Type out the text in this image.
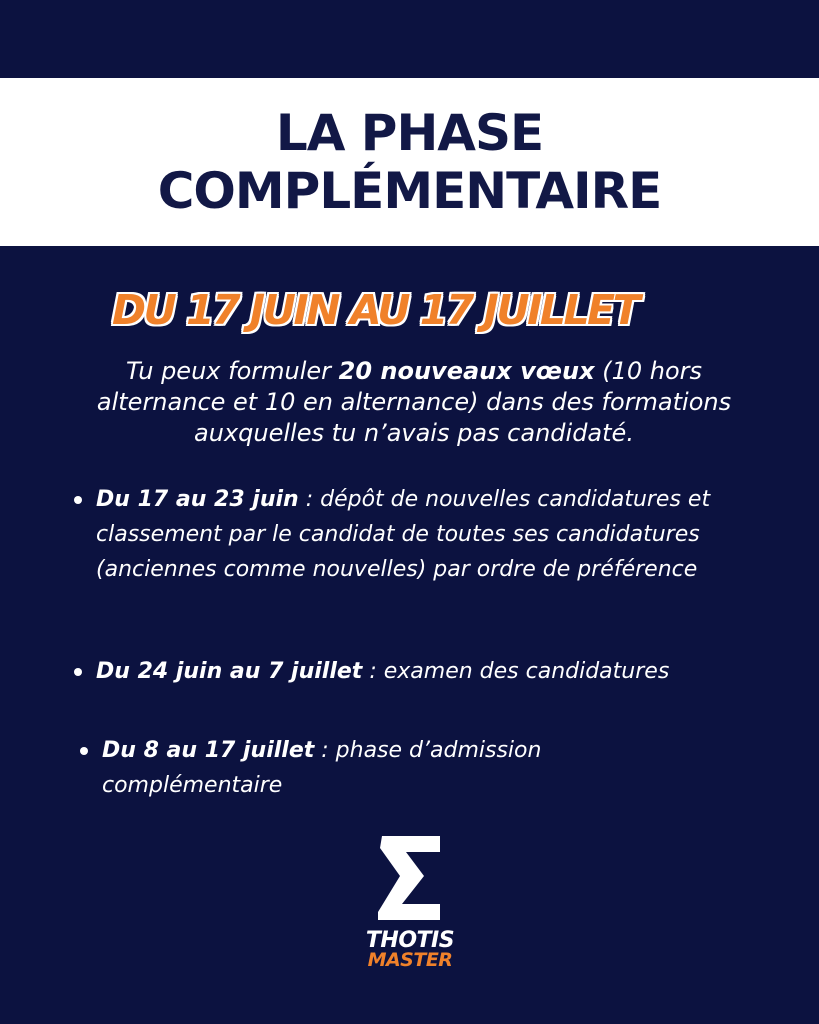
LA PHASE
COMPLÉMENTAIRE
DU 17 JUIN AU 17 JUILLET
Tu peux formuler 20 nouveaux vœux (10 hors alternance et 10 en alternance) dans des formations auxquelles tu n’avais pas candidaté.
Du 17 au 23 juin : dépôt de nouvelles candidatures et classement par le candidat de toutes ses candidatures (anciennes comme nouvelles) par ordre de préférence
Du 24 juin au 7 juillet : examen des candidatures
Du 8 au 17 juillet : phase d’admission complémentaire
THOTIS
MASTER
